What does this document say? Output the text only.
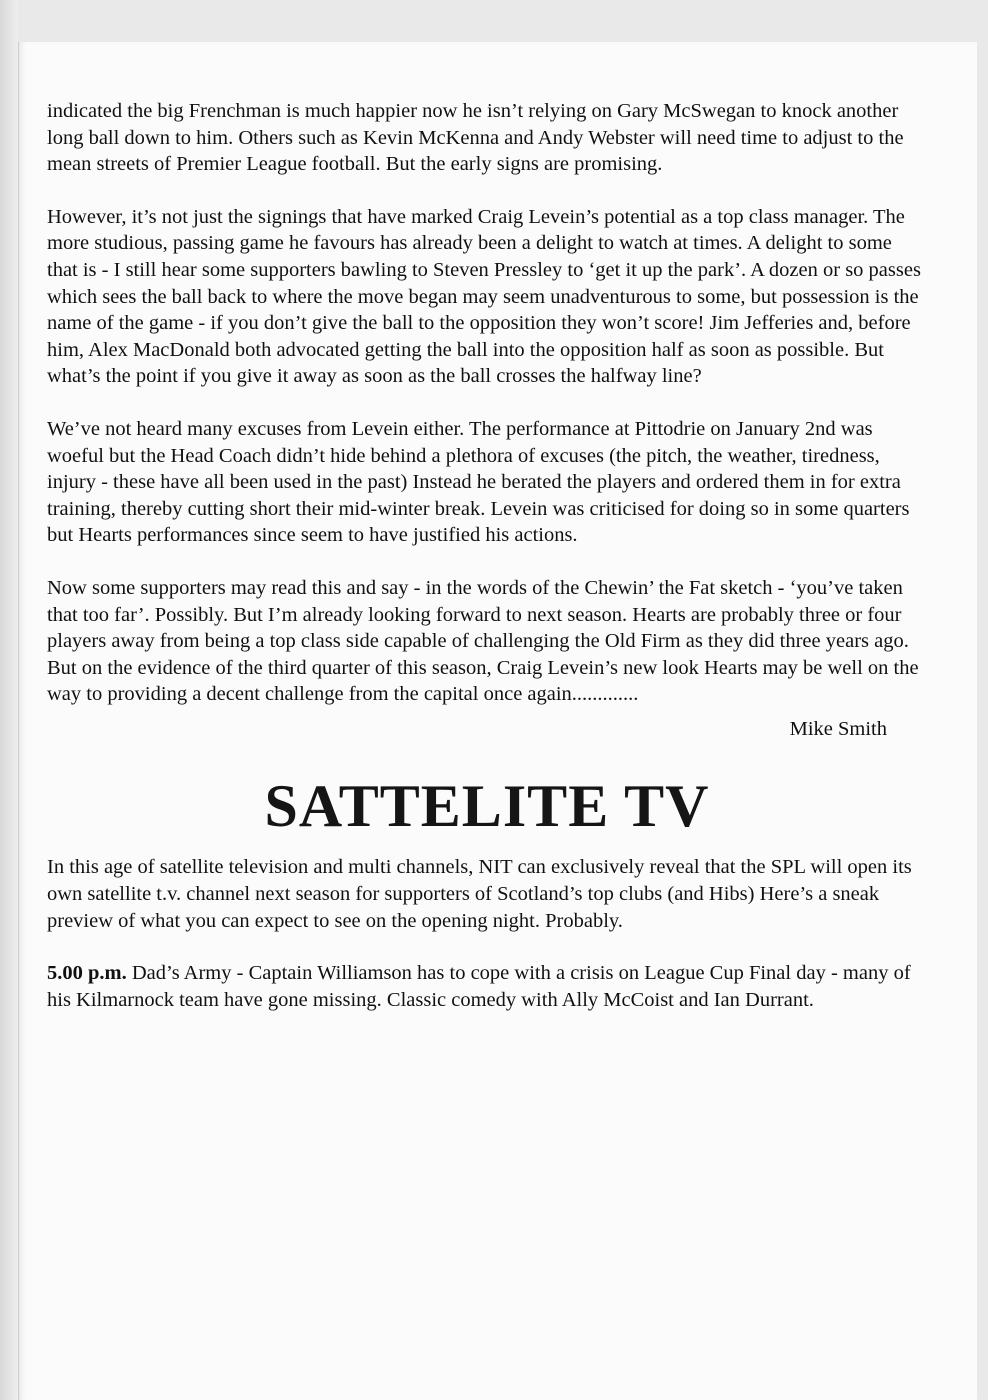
indicated the big Frenchman is much happier now he isn’t relying on Gary McSwegan to knock another long ball down to him. Others such as Kevin McKenna and Andy Webster will need time to adjust to the mean streets of Premier League football. But the early signs are promising.

However, it’s not just the signings that have marked Craig Levein’s potential as a top class manager. The more studious, passing game he favours has already been a delight to watch at times. A delight to some that is - I still hear some supporters bawling to Steven Pressley to ‘get it up the park’. A dozen or so passes which sees the ball back to where the move began may seem unadventurous to some, but possession is the name of the game - if you don’t give the ball to the opposition they won’t score! Jim Jefferies and, before him, Alex MacDonald both advocated getting the ball into the opposition half as soon as possible. But what’s the point if you give it away as soon as the ball crosses the halfway line?

We’ve not heard many excuses from Levein either. The performance at Pittodrie on January 2nd was woeful but the Head Coach didn’t hide behind a plethora of excuses (the pitch, the weather, tiredness, injury - these have all been used in the past) Instead he berated the players and ordered them in for extra training, thereby cutting short their mid-winter break. Levein was criticised for doing so in some quarters but Hearts performances since seem to have justified his actions.

Now some supporters may read this and say - in the words of the Chewin’ the Fat sketch - ‘you’ve taken that too far’. Possibly. But I’m already looking forward to next season. Hearts are probably three or four players away from being a top class side capable of challenging the Old Firm as they did three years ago. But on the evidence of the third quarter of this season, Craig Levein’s new look Hearts may be well on the way to providing a decent challenge from the capital once again.............

Mike Smith

SATTELITE TV

In this age of satellite television and multi channels, NIT can exclusively reveal that the SPL will open its own satellite t.v. channel next season for supporters of Scotland’s top clubs (and Hibs) Here’s a sneak preview of what you can expect to see on the opening night. Probably.

5.00 p.m. Dad’s Army - Captain Williamson has to cope with a crisis on League Cup Final day - many of his Kilmarnock team have gone missing. Classic comedy with Ally McCoist and Ian Durrant.
